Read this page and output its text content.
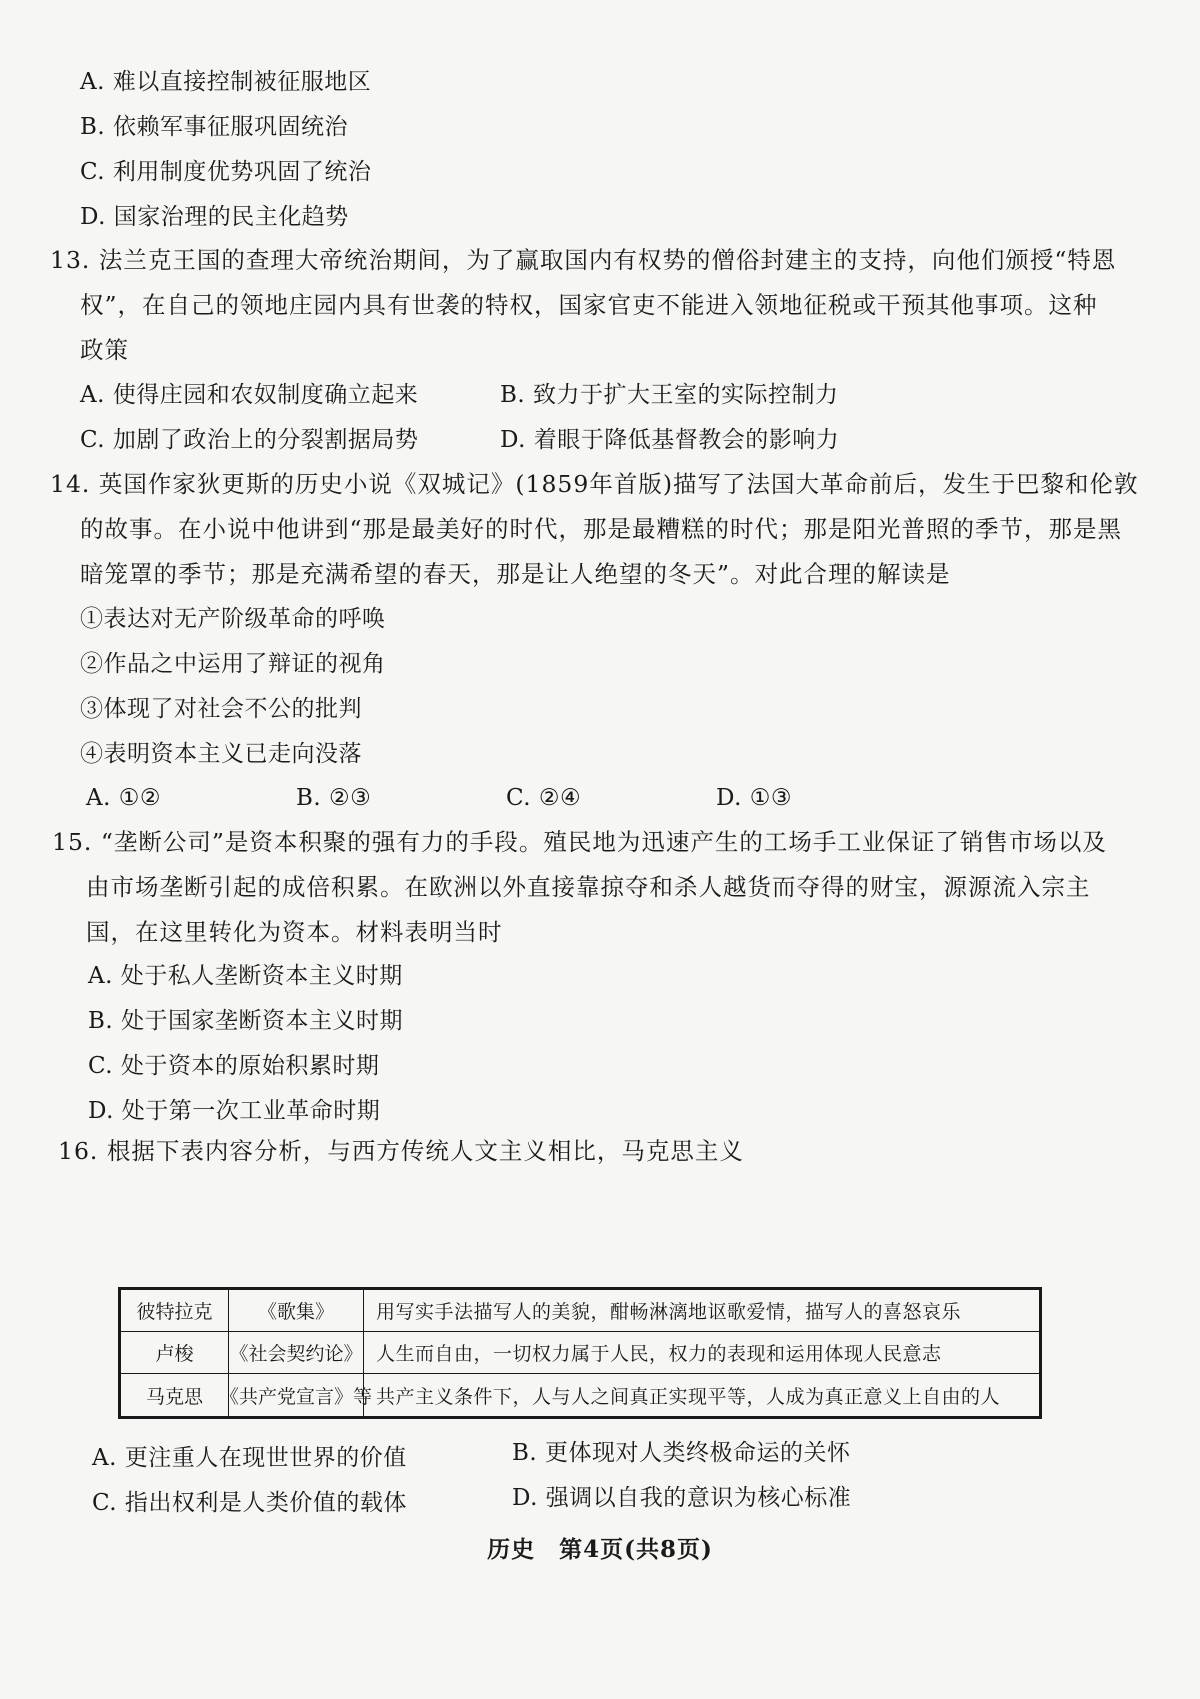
A. 难以直接控制被征服地区
B. 依赖军事征服巩固统治
C. 利用制度优势巩固了统治
D. 国家治理的民主化趋势
13. 法兰克王国的查理大帝统治期间，为了赢取国内有权势的僧俗封建主的支持，向他们颁授“特恩
权”，在自己的领地庄园内具有世袭的特权，国家官吏不能进入领地征税或干预其他事项。这种
政策
A. 使得庄园和农奴制度确立起来	B. 致力于扩大王室的实际控制力
C. 加剧了政治上的分裂割据局势	D. 着眼于降低基督教会的影响力
14. 英国作家狄更斯的历史小说《双城记》(1859年首版)描写了法国大革命前后，发生于巴黎和伦敦
的故事。在小说中他讲到“那是最美好的时代，那是最糟糕的时代；那是阳光普照的季节，那是黑
暗笼罩的季节；那是充满希望的春天，那是让人绝望的冬天”。对此合理的解读是
①表达对无产阶级革命的呼唤
②作品之中运用了辩证的视角
③体现了对社会不公的批判
④表明资本主义已走向没落
A. ①②	B. ②③	C. ②④	D. ①③
15. “垄断公司”是资本积聚的强有力的手段。殖民地为迅速产生的工场手工业保证了销售市场以及
由市场垄断引起的成倍积累。在欧洲以外直接靠掠夺和杀人越货而夺得的财宝，源源流入宗主
国，在这里转化为资本。材料表明当时
A. 处于私人垄断资本主义时期
B. 处于国家垄断资本主义时期
C. 处于资本的原始积累时期
D. 处于第一次工业革命时期
16. 根据下表内容分析，与西方传统人文主义相比，马克思主义
彼特拉克	《歌集》	用写实手法描写人的美貌，酣畅淋漓地讴歌爱情，描写人的喜怒哀乐
卢梭	《社会契约论》 人生而自由，一切权力属于人民，权力的表现和运用体现人民意志
马克思 《共产党宣言》等 共产主义条件下，人与人之间真正实现平等，人成为真正意义上自由的人
A. 更注重人在现世世界的价值	B. 更体现对人类终极命运的关怀
C. 指出权利是人类价值的载体	D. 强调以自我的意识为核心标准
历史　第4页(共8页)
